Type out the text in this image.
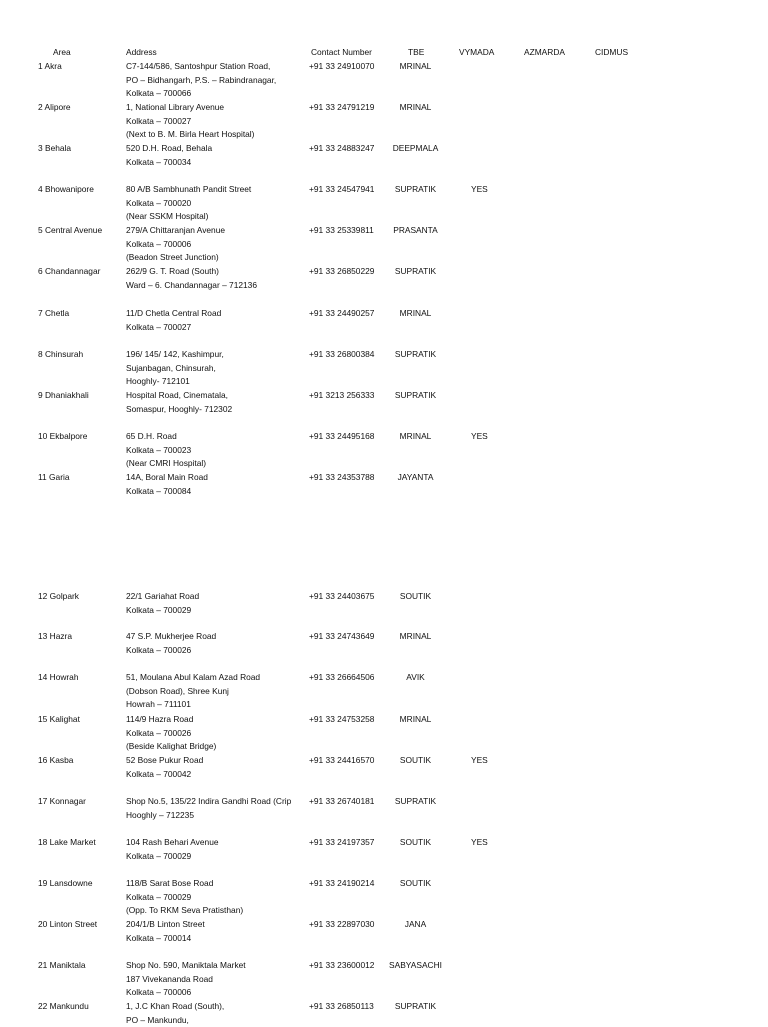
Area	Address	Contact Number	TBE	VYMADA	AZMARDA	CIDMUS
1 Akra	C7-144/586, Santoshpur Station Road,
PO – Bidhangarh, P.S. – Rabindranagar,
Kolkata – 700066
+91 33 24910070	MRINAL
2 Alipore	1, National Library Avenue
Kolkata – 700027
(Next to B. M. Birla Heart Hospital)
+91 33 24791219	MRINAL
3 Behala	520 D.H. Road, Behala
Kolkata – 700034
+91 33 24883247	DEEPMALA
4 Bhowanipore	80 A/B Sambhunath Pandit Street
Kolkata – 700020
(Near SSKM Hospital)
+91 33 24547941	SUPRATIK	YES
5 Central Avenue	279/A Chittaranjan Avenue
Kolkata – 700006
(Beadon Street Junction)
+91 33 25339811	PRASANTA
6 Chandannagar	262/9 G. T. Road (South)
Ward – 6. Chandannagar – 712136
+91 33 26850229	SUPRATIK
7 Chetla	11/D Chetla Central Road
Kolkata – 700027
+91 33 24490257	MRINAL
8 Chinsurah	196/ 145/ 142, Kashimpur,
Sujanbagan, Chinsurah,
Hooghly- 712101
+91 33 26800384	SUPRATIK
9 Dhaniakhali	Hospital Road, Cinematala,
Somaspur, Hooghly- 712302
+91 3213 256333	SUPRATIK
10 Ekbalpore	65 D.H. Road
Kolkata – 700023
(Near CMRI Hospital)
+91 33 24495168	MRINAL	YES
11 Garia	14A, Boral Main Road
Kolkata – 700084
+91 33 24353788	JAYANTA
12 Golpark	22/1 Gariahat Road
Kolkata – 700029
+91 33 24403675	SOUTIK
13 Hazra	47 S.P. Mukherjee Road
Kolkata – 700026
+91 33 24743649	MRINAL
14 Howrah	51, Moulana Abul Kalam Azad Road
(Dobson Road), Shree Kunj
Howrah – 711101
+91 33 26664506	AVIK
15 Kalighat	114/9 Hazra Road
Kolkata – 700026
(Beside Kalighat Bridge)
+91 33 24753258	MRINAL
16 Kasba	52 Bose Pukur Road
Kolkata – 700042
+91 33 24416570	SOUTIK	YES
17 Konnagar	Shop No.5, 135/22 Indira Gandhi Road (Crip
Hooghly – 712235
+91 33 26740181	SUPRATIK
18 Lake Market	104 Rash Behari Avenue
Kolkata – 700029
+91 33 24197357	SOUTIK	YES
19 Lansdowne	118/B Sarat Bose Road
Kolkata – 700029
(Opp. To RKM Seva Pratisthan)
+91 33 24190214	SOUTIK
20 Linton Street	204/1/B Linton Street
Kolkata – 700014
+91 33 22897030	JANA
21 Maniktala	Shop No. 590, Maniktala Market
187 Vivekananda Road
Kolkata – 700006
+91 33 23600012	SABYASACHI
22 Mankundu	1, J.C Khan Road (South),
PO – Mankundu,
+91 33 26850113	SUPRATIK
